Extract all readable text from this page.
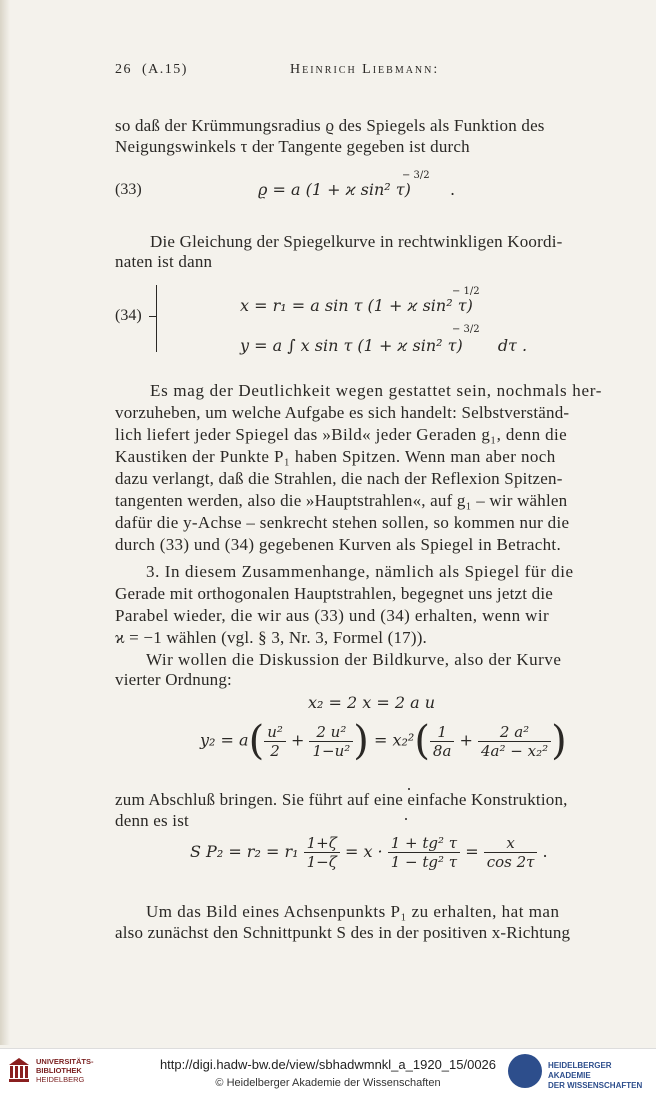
26 (A.15)	Heinrich Liebmann:
so daß der Krümmungsradius ϱ des Spiegels als Funktion des
Neigungswinkels τ der Tangente gegeben ist durch
(33)	ϱ = a (1 + ϰ sin² τ)
− 3/2
.
Die Gleichung der Spiegelkurve in rechtwinkligen Koordi-
naten ist dann
(34)
x = r₁ = a sin τ (1 + ϰ sin² τ)
− 1/2
y = a ∫ x sin τ (1 + ϰ sin² τ)
− 3/2
dτ .
Es mag der Deutlichkeit wegen gestattet sein, nochmals her-
vorzuheben, um welche Aufgabe es sich handelt: Selbstverständ-
lich liefert jeder Spiegel das »Bild« jeder Geraden g₁, denn die
Kaustiken der Punkte P₁ haben Spitzen. Wenn man aber noch
dazu verlangt, daß die Strahlen, die nach der Reflexion Spitzen-
tangenten werden, also die »Hauptstrahlen«, auf g₁ – wir wählen
dafür die y-Achse – senkrecht stehen sollen, so kommen nur die
durch (33) und (34) gegebenen Kurven als Spiegel in Betracht.
3. In diesem Zusammenhange, nämlich als Spiegel für die
Gerade mit orthogonalen Hauptstrahlen, begegnet uns jetzt die
Parabel wieder, die wir aus (33) und (34) erhalten, wenn wir
ϰ = −1 wählen (vgl. § 3, Nr. 3, Formel (17)).
Wir wollen die Diskussion der Bildkurve, also der Kurve
vierter Ordnung:
x₂ = 2 x = 2 a u
$y_2 = a( \frac{\text{u²}}{2} + \frac{\text{2 u²}}{\text{1−u²}}$ ) = $x_2^2( \frac{1}{8a} + \frac{\text{2 a²}}{\text{4a² − x₂²}}$ )
zum Abschluß bringen. Sie führt auf eine einfache Konstruktion,
denn es ist
S $P_2 = r_2 = r_1 \frac{1+\zeta}{1-\zeta} = x \cdot \frac{\text{1 + tg² τ}}{\text{1 − tg² τ}} = \frac{x}{\cos 2\tau}$ .
Um das Bild eines Achsenpunkts P₁ zu erhalten, hat man
also zunächst den Schnittpunkt S des in der positiven x-Richtung
UNIVERSITÄTS-
BIBLIOTHEK
HEIDELBERG
http://digi.hadw-bw.de/view/sbhadwmnkl_a_1920_15/0026
© Heidelberger Akademie der Wissenschaften
HEIDELBERGER AKADEMIE
DER WISSENSCHAFTEN
